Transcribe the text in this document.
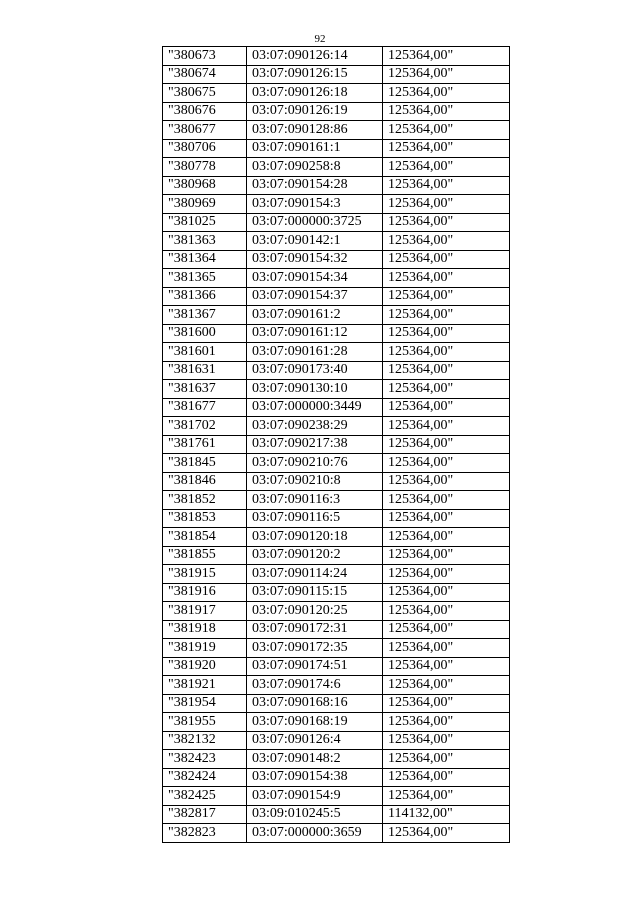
92
"380673	03:07:090126:14	125364,00"
"380674	03:07:090126:15	125364,00"
"380675	03:07:090126:18	125364,00"
"380676	03:07:090126:19	125364,00"
"380677	03:07:090128:86	125364,00"
"380706	03:07:090161:1	125364,00"
"380778	03:07:090258:8	125364,00"
"380968	03:07:090154:28	125364,00"
"380969	03:07:090154:3	125364,00"
"381025	03:07:000000:3725	125364,00"
"381363	03:07:090142:1	125364,00"
"381364	03:07:090154:32	125364,00"
"381365	03:07:090154:34	125364,00"
"381366	03:07:090154:37	125364,00"
"381367	03:07:090161:2	125364,00"
"381600	03:07:090161:12	125364,00"
"381601	03:07:090161:28	125364,00"
"381631	03:07:090173:40	125364,00"
"381637	03:07:090130:10	125364,00"
"381677	03:07:000000:3449	125364,00"
"381702	03:07:090238:29	125364,00"
"381761	03:07:090217:38	125364,00"
"381845	03:07:090210:76	125364,00"
"381846	03:07:090210:8	125364,00"
"381852	03:07:090116:3	125364,00"
"381853	03:07:090116:5	125364,00"
"381854	03:07:090120:18	125364,00"
"381855	03:07:090120:2	125364,00"
"381915	03:07:090114:24	125364,00"
"381916	03:07:090115:15	125364,00"
"381917	03:07:090120:25	125364,00"
"381918	03:07:090172:31	125364,00"
"381919	03:07:090172:35	125364,00"
"381920	03:07:090174:51	125364,00"
"381921	03:07:090174:6	125364,00"
"381954	03:07:090168:16	125364,00"
"381955	03:07:090168:19	125364,00"
"382132	03:07:090126:4	125364,00"
"382423	03:07:090148:2	125364,00"
"382424	03:07:090154:38	125364,00"
"382425	03:07:090154:9	125364,00"
"382817	03:09:010245:5	114132,00"
"382823	03:07:000000:3659	125364,00"
